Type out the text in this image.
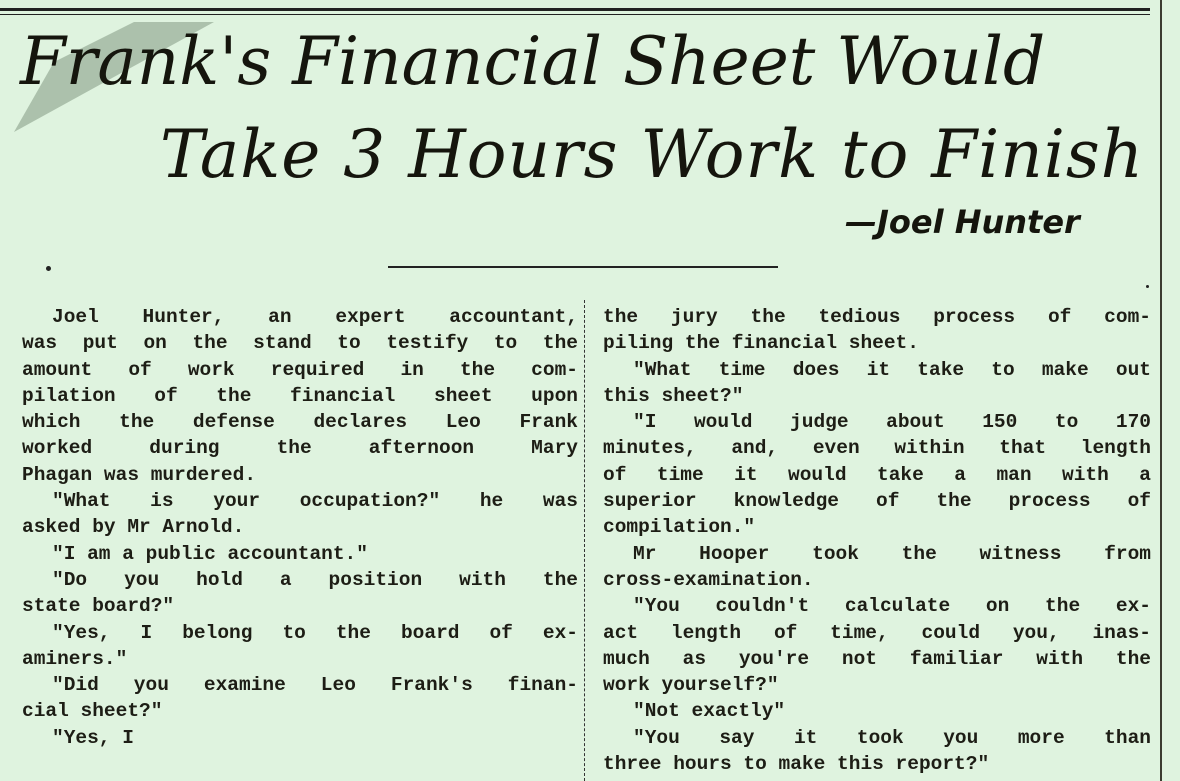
Frank's Financial Sheet Would
Take 3 Hours Work to Finish
—Joel Hunter
Joel Hunter, an expert accountant,
was put on the stand to testify to the
amount of work required in the com-
pilation of the financial sheet upon
which the defense declares Leo Frank
worked during the afternoon Mary
Phagan was murdered.
"What is your occupation?" he was
asked by Mr Arnold.
"I am a public accountant."
"Do you hold a position with the
state board?"
"Yes, I belong to the board of ex-
aminers."
"Did you examine Leo Frank's finan-
cial sheet?"
"Yes, I
the jury the tedious process of com-
piling the financial sheet.
"What time does it take to make out
this sheet?"
"I would judge about 150 to 170
minutes, and, even within that length
of time it would take a man with a
superior knowledge of the process of
compilation."
Mr Hooper took the witness from
cross-examination.
"You couldn't calculate on the ex-
act length of time, could you, inas-
much as you're not familiar with the
work yourself?"
"Not exactly"
"You say it took you more than
three hours to make this report?"
